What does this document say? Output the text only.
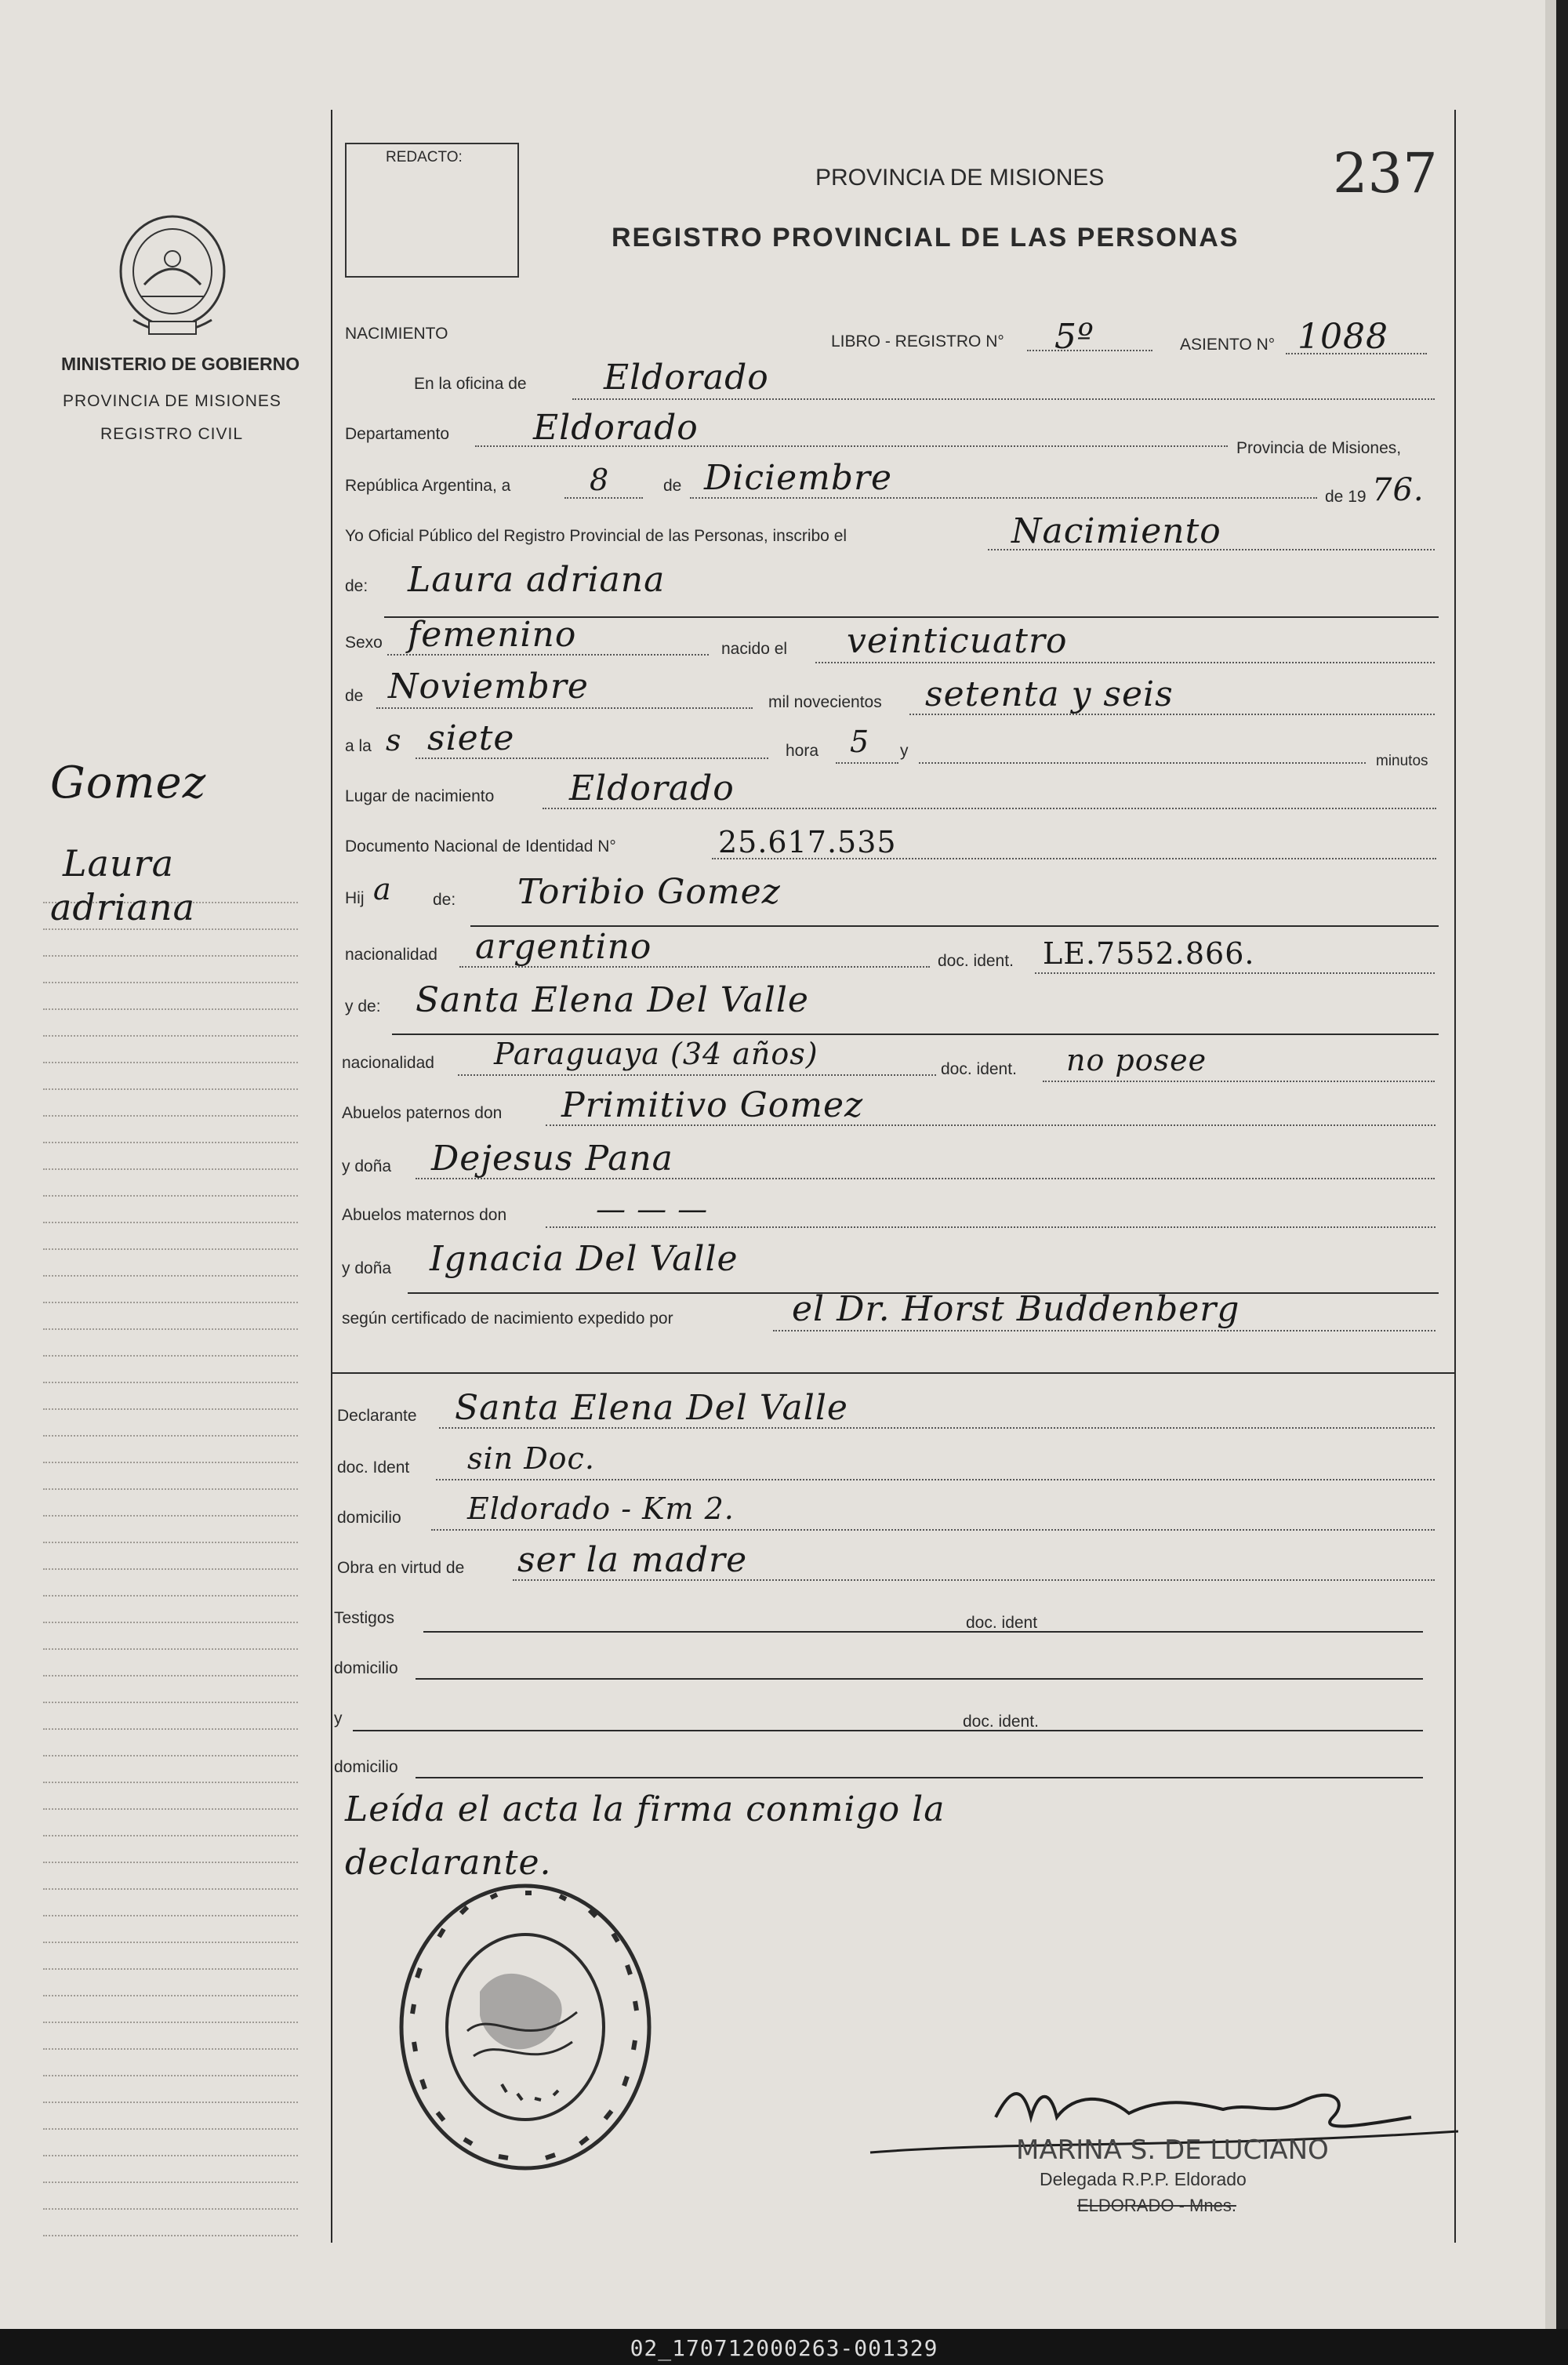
REDACTO:
PROVINCIA DE MISIONES
REGISTRO PROVINCIAL DE LAS PERSONAS
237
MINISTERIO DE GOBIERNO
PROVINCIA DE MISIONES
REGISTRO CIVIL
Gomez
Laura
adriana
NACIMIENTO	LIBRO - REGISTRO N° 5º	ASIENTO N° 1088
En la oficina de Eldorado
Departamento Eldorado
Provincia de Misiones,
República Argentina, a	8	de Diciembre	de 19 76.
Yo Oficial Público del Registro Provincial de las Personas, inscribo el	Nacimiento
de: Laura adriana
Sexo femenino	nacido el veinticuatro
de Noviembre	mil novecientos setenta y seis
a la s siete	hora 5 y
minutos
Lugar de nacimiento Eldorado
Documento Nacional de Identidad N°	25.617.535
Hij a de: Toribio Gomez
nacionalidad argentino	doc. ident. LE.7552.866.
y de: Santa Elena Del Valle
nacionalidad Paraguaya (34 años)	doc. ident. no posee
Abuelos paternos don Primitivo Gomez
y doña Dejesus Pana
Abuelos maternos don	— — —
y doña Ignacia Del Valle
según certificado de nacimiento expedido por	el Dr. Horst Buddenberg
Declarante Santa Elena Del Valle
doc. Ident sin Doc.
domicilio Eldorado - Km 2.
Obra en virtud de ser la madre
Testigos	doc. ident
domicilio
y	doc. ident.
domicilio
Leída el acta la firma conmigo la
declarante.
MARINA S. DE LUCIANO
Delegada R.P.P. Eldorado
ELDORADO - Mnes.
02_170712000263-001329
